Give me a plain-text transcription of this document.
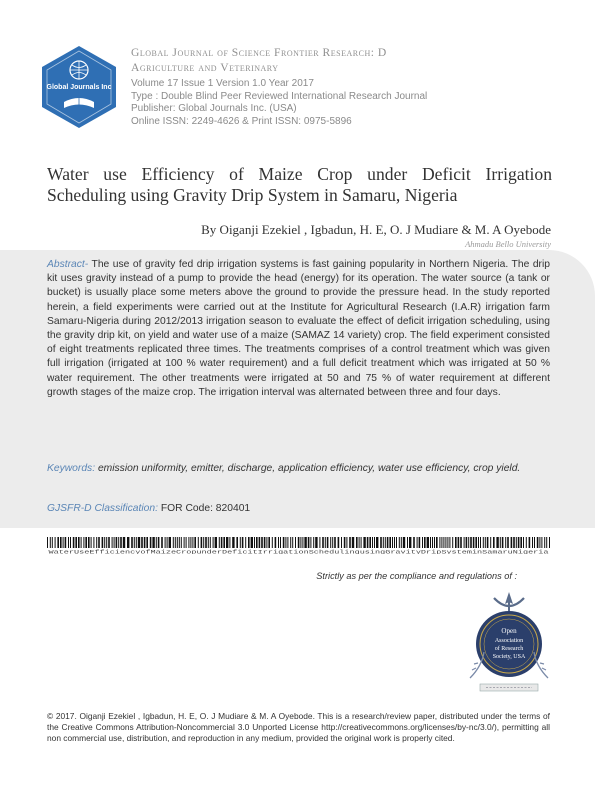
Global Journals Inc
Global Journal of Science Frontier Research: D
Agriculture and Veterinary
Volume 17 Issue 1 Version 1.0 Year 2017
Type : Double Blind Peer Reviewed International Research Journal
Publisher: Global Journals Inc. (USA)
Online ISSN: 2249-4626 & Print ISSN: 0975-5896
Water use Efficiency of Maize Crop under Deficit Irrigation
Scheduling using Gravity Drip System in Samaru, Nigeria
By Oiganji Ezekiel , Igbadun, H. E, O. J Mudiare & M. A Oyebode
Ahmadu Bello University
Abstract- The use of gravity fed drip irrigation systems is fast gaining popularity in Northern Nigeria. The drip kit uses gravity instead of a pump to provide the head (energy) for its operation. The water source (a tank or bucket) is usually place some meters above the ground to provide the pressure head. In the study reported herein, a field experiments were carried out at the Institute for Agricultural Research (I.A.R) irrigation farm Samaru-Nigeria during 2012/2013 irrigation season to evaluate the effect of deficit irrigation scheduling, using the gravity drip kit, on yield and water use of a maize (SAMAZ 14 variety) crop. The field experiment consisted of eight treatments replicated three times. The treatments comprises of a control treatment which was given full irrigation (irrigated at 100 % water requirement) and a full deficit treatment which was irrigated at 50 % water requirement. The other treatments were irrigated at 50 and 75 % of water requirement at different growth stages of the maize crop. The irrigation interval was alternated between three and four days.
Keywords: emission uniformity, emitter, discharge, application efficiency, water use efficiency, crop yield.
GJSFR-D Classification: FOR Code: 820401
WaterUseEfficiencyofMaizeCropunderDeficitIrrigationSchedulingusingGravityDripSysteminSamaruNigeria
Strictly as per the compliance and regulations of :
Open
Association
of Research
Society, USA
© 2017. Oiganji Ezekiel , Igbadun, H. E, O. J Mudiare & M. A Oyebode. This is a research/review paper, distributed under the terms of the Creative Commons Attribution-Noncommercial 3.0 Unported License http://creativecommons.org/licenses/by-nc/3.0/), permitting all non commercial use, distribution, and reproduction in any medium, provided the original work is properly cited.
